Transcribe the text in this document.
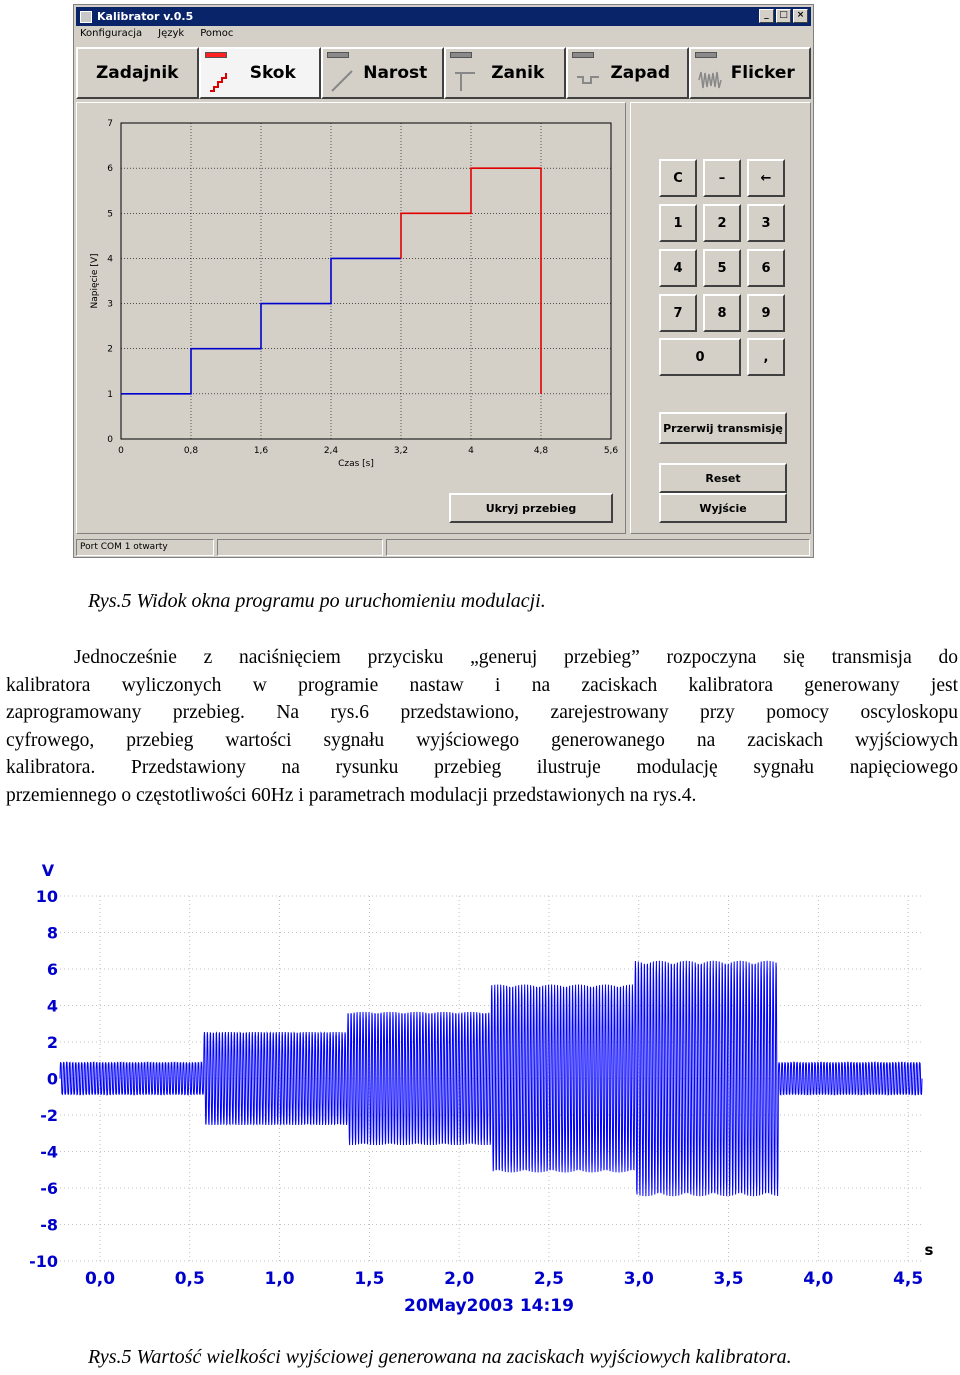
Kalibrator v.0.5	_	□ ×
Konfiguracja Język Pomoc
Zadajnik	Skok	Narost	Zanik	Zapad	Flicker
0	0,8	1,6	2,4	3,2	4	4,8	5,6
0
1
2
3
4
5
6
7
Czas [s]
Napięcie [V]
Ukryj przebieg
C	–	←
1	2	3
4	5	6
7	8	9
0	,
Przerwij transmisję
Reset
Wyjście
Port COM 1 otwarty
Rys.5 Widok okna programu po uruchomieniu modulacji.
Jednocześnie z naciśnięciem przycisku „generuj przebieg” rozpoczyna się transmisja do
kalibratora wyliczonych w programie nastaw i na zaciskach kalibratora generowany jest
zaprogramowany przebieg. Na rys.6 przedstawiono, zarejestrowany przy pomocy oscyloskopu
cyfrowego, przebieg wartości sygnału wyjściowego generowanego na zaciskach wyjściowych
kalibratora. Przedstawiony na rysunku przebieg ilustruje modulację sygnału napięciowego
przemiennego o częstotliwości 60Hz i parametrach modulacji przedstawionych na rys.4.
V
10
8
6
4
2
0
-2
-4
-6
-8
-10
0,0	0,5	1,0	1,5	2,0	2,5	3,0	3,5	4,0	4,5
s
20May2003 14:19
Rys.5 Wartość wielkości wyjściowej generowana na zaciskach wyjściowych kalibratora.
